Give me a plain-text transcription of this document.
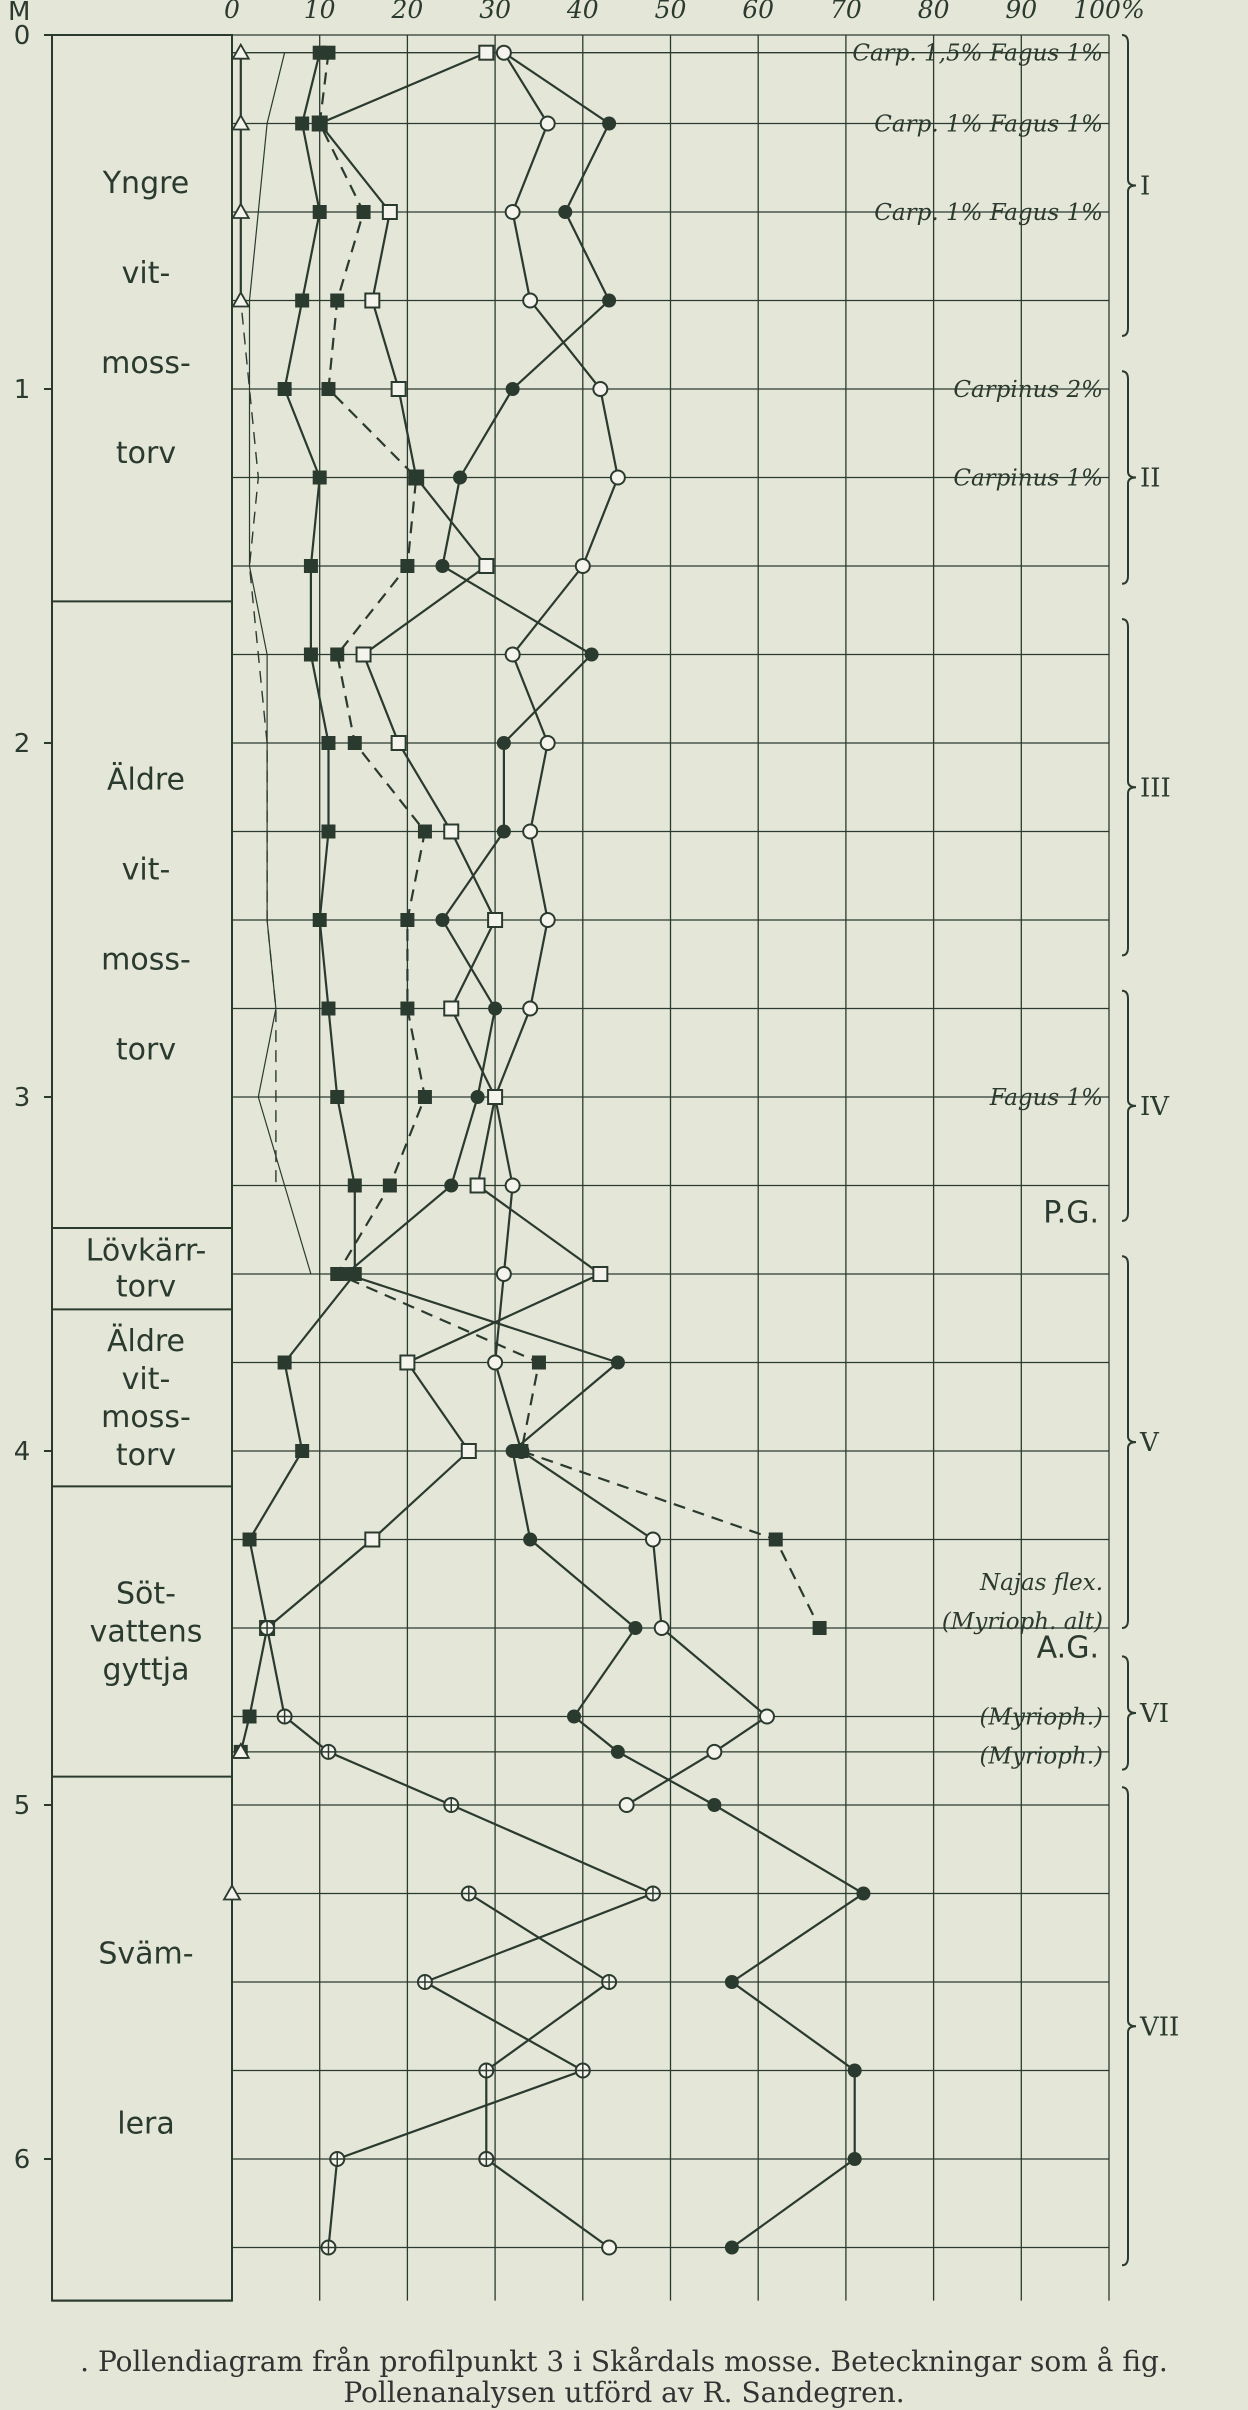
0	10 20 30 40 50 60 70 80 90 100%
M
0
1
2
3
4
5
6
Yngre
vit-
moss-
torv
Äldre
vit-
moss-
torv
Lövkärr-
torv
Äldre
vit-
moss-
torv
Söt-
vattens
gyttja
Sväm-
lera
Carp. 1,5% Fagus 1%
Carp. 1% Fagus 1%
Carp. 1% Fagus 1%
Carpinus 2%
Carpinus 1%
Fagus 1%
Najas flex.
(Myrioph. alt)
(Myrioph.)
(Myrioph.)
P.G.
A.G.
I
II
III
IV
V
VI
VII
. Pollendiagram från profilpunkt 3 i Skårdals mosse. Beteckningar som å fig.
Pollenanalysen utförd av R. Sandegren.
